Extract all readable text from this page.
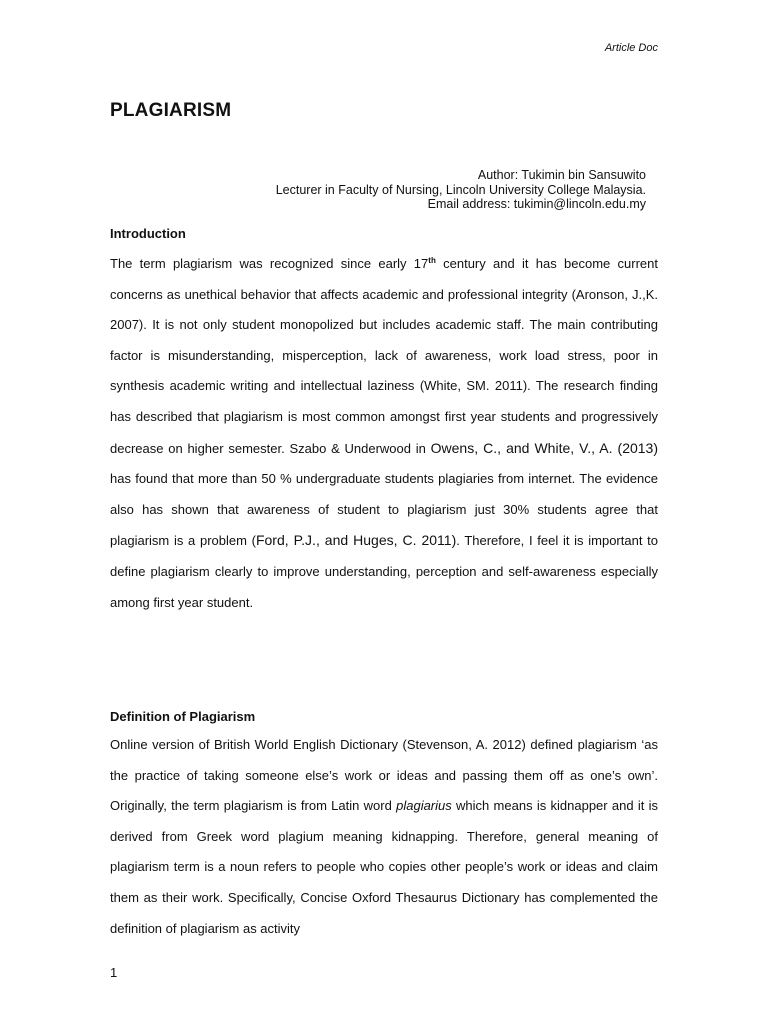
Article Doc
PLAGIARISM
Author: Tukimin bin Sansuwito
Lecturer in Faculty of Nursing, Lincoln University College Malaysia.
Email address: tukimin@lincoln.edu.my
Introduction

The term plagiarism was recognized since early 17th century and it has become current concerns as unethical behavior that affects academic and professional integrity (Aronson, J.,K. 2007). It is not only student monopolized but includes academic staff. The main contributing factor is misunderstanding, misperception, lack of awareness, work load stress, poor in synthesis academic writing and intellectual laziness (White, SM. 2011). The research finding has described that plagiarism is most common amongst first year students and progressively decrease on higher semester. Szabo & Underwood in Owens, C., and White, V., A. (2013) has found that more than 50 % undergraduate students plagiaries from internet. The evidence also has shown that awareness of student to plagiarism just 30% students agree that plagiarism is a problem (Ford, P.J., and Huges, C. 2011). Therefore, I feel it is important to define plagiarism clearly to improve understanding, perception and self-awareness especially among first year student.

Definition of Plagiarism

Online version of British World English Dictionary (Stevenson, A. 2012) defined plagiarism ‘as the practice of taking someone else’s work or ideas and passing them off as one’s own’. Originally, the term plagiarism is from Latin word plagiarius which means is kidnapper and it is derived from Greek word plagium meaning kidnapping. Therefore, general meaning of plagiarism term is a noun refers to people who copies other people’s work or ideas and claim them as their work. Specifically, Concise Oxford Thesaurus Dictionary has complemented the definition of plagiarism as activity

1
